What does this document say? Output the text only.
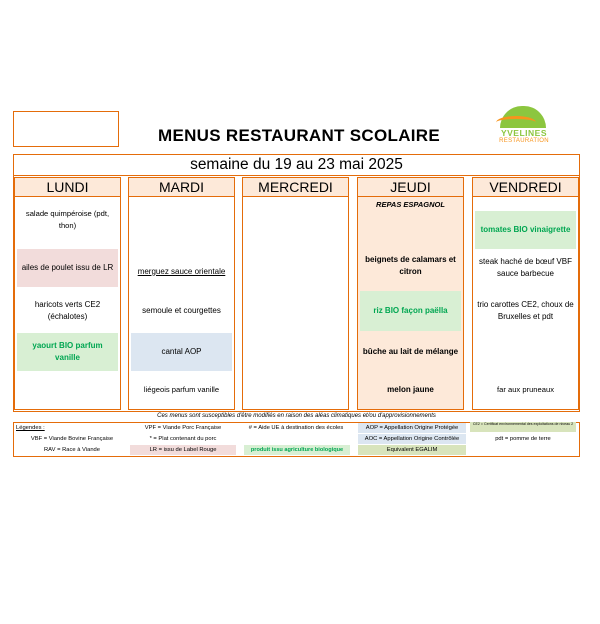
MENUS RESTAURANT SCOLAIRE	YVELINES
RESTAURATION
semaine du 19 au 23 mai 2025
LUNDI
salade quimpéroise (pdt, thon)
ailes de poulet issu de LR
haricots verts CE2 (échalotes)
yaourt BIO parfum vanille
MARDI
merguez sauce orientale
semoule et courgettes
cantal AOP
liégeois parfum vanille
MERCREDI	JEUDI
REPAS ESPAGNOL
beignets de calamars et citron
riz BIO façon paëlla
bûche au lait de mélange
melon jaune
VENDREDI
tomates BIO vinaigrette
steak haché de bœuf VBF sauce barbecue
trio carottes CE2, choux de Bruxelles et pdt
far aux pruneaux
Ces menus sont susceptibles d'être modifiés en raison des aléas climatiques et/ou d'approvisionnements
Légendes :
VBF = Viande Bovine Française
RAV = Race à Viande
VPF = Viande Porc Française
* = Plat contenant du porc
LR = issu de Label Rouge
# = Aide UE à destination des écoles
produit issu agriculture biologique
AOP = Appellation Origine Protégée
AOC = Appellation Origine Contrôlée
Equivalent EGALIM
CE2 = Certificat environnemental des exploitations de niveau 2
pdt = pomme de terre
